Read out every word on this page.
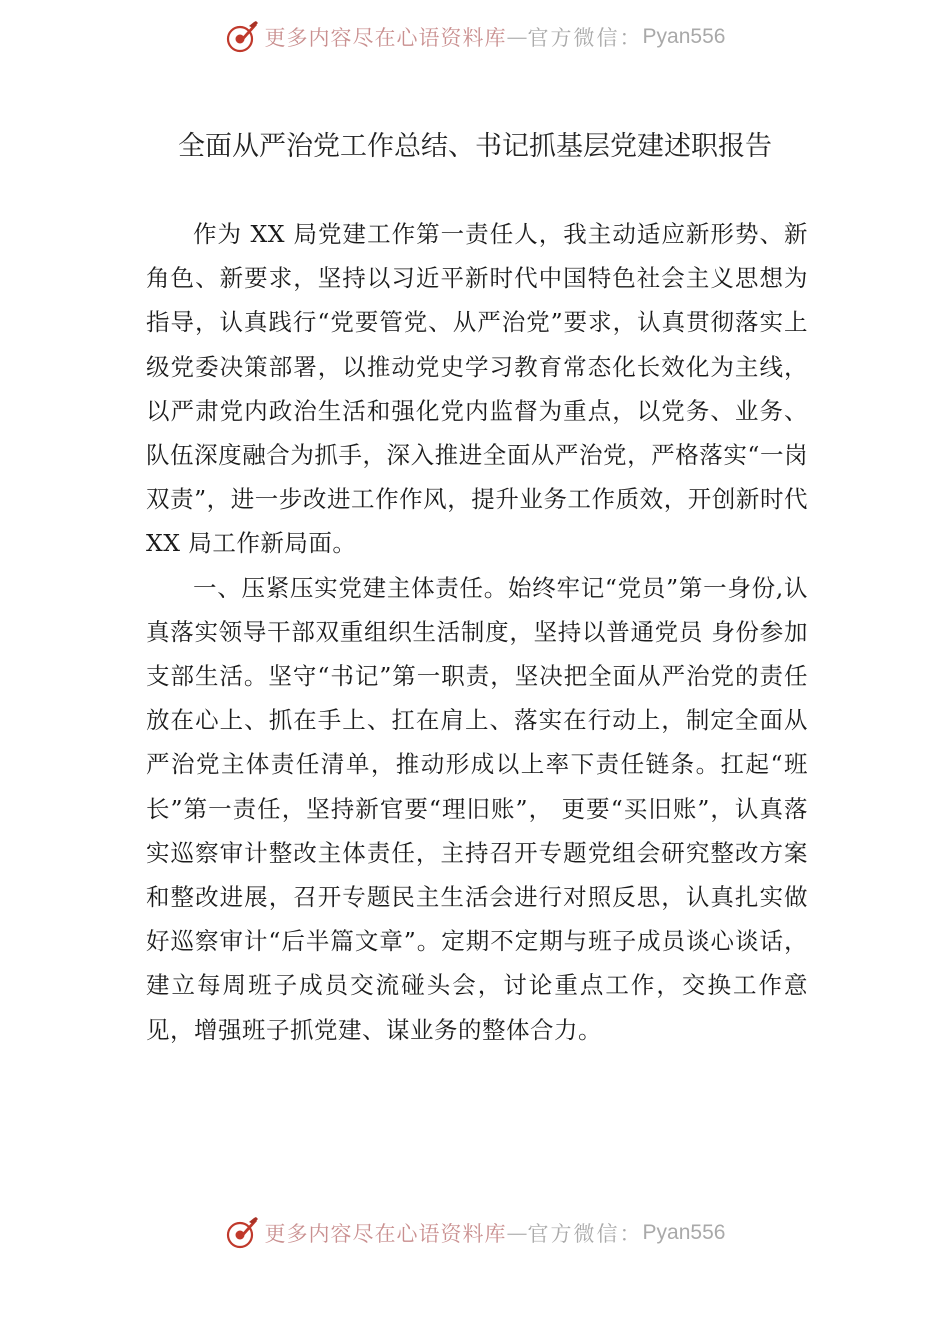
更多内容尽在心语资料库 — 官方微信： Pyan556
全面从严治党工作总结、书记抓基层党建述职报告

作为 XX 局党建工作第一责任人，我主动适应新形势、新角色、新要求，坚持以习近平新时代中国特色社会主义思想为指导，认真践行“党要管党、从严治党”要求，认真贯彻落实上级党委决策部署，以推动党史学习教育常态化长效化为主线，以严肃党内政治生活和强化党内监督为重点，以党务、业务、队伍深度融合为抓手，深入推进全面从严治党，严格落实“一岗双责”，进一步改进工作作风，提升业务工作质效，开创新时代 XX 局工作新局面。

一、压紧压实党建主体责任。始终牢记“党员”第一身份,认真落实领导干部双重组织生活制度，坚持以普通党员 身份参加支部生活。坚守“书记”第一职责，坚决把全面从严治党的责任放在心上、抓在手上、扛在肩上、落实在行动上，制定全面从严治党主体责任清单，推动形成以上率下责任链条。扛起“班长”第一责任，坚持新官要“理旧账”， 更要“买旧账”，认真落实巡察审计整改主体责任，主持召开专题党组会研究整改方案和整改进展，召开专题民主生活会进行对照反思，认真扎实做好巡察审计“后半篇文章”。定期不定期与班子成员谈心谈话，建立每周班子成员交流碰头会，讨论重点工作，交换工作意见，增强班子抓党建、谋业务的整体合力。

更多内容尽在心语资料库 — 官方微信： Pyan556
